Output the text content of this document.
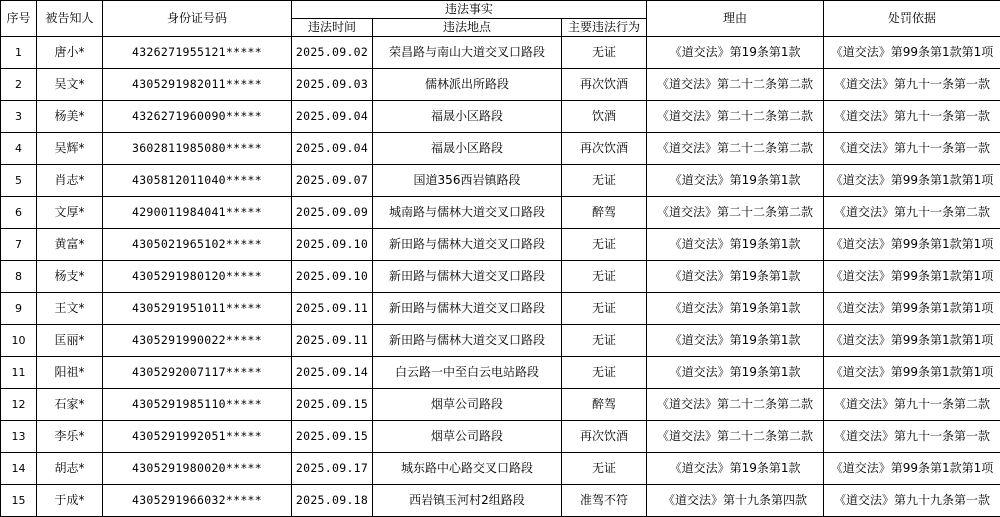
序号	被告知人	身份证号码	违法事实			理由	处罚依据
			违法时间	违法地点	主要违法行为		
1	唐小*	4326271955121*****	2025.09.02	荣昌路与南山大道交叉口路段	无证	《道交法》第19条第1款	《道交法》第99条第1款第1项
2	吴文*	4305291982011*****	2025.09.03	儒林派出所路段	再次饮酒	《道交法》第二十二条第二款	《道交法》第九十一条第一款
3	杨美*	4326271960090*****	2025.09.04	福晟小区路段	饮酒	《道交法》第二十二条第二款	《道交法》第九十一条第一款
4	吴辉*	3602811985080*****	2025.09.04	福晟小区路段	再次饮酒	《道交法》第二十二条第二款	《道交法》第九十一条第一款
5	肖志*	4305812011040*****	2025.09.07	国道356西岩镇路段	无证	《道交法》第19条第1款	《道交法》第99条第1款第1项
6	文厚*	4290011984041*****	2025.09.09	城南路与儒林大道交叉口路段	醉驾	《道交法》第二十二条第二款	《道交法》第九十一条第二款
7	黄富*	4305021965102*****	2025.09.10	新田路与儒林大道交叉口路段	无证	《道交法》第19条第1款	《道交法》第99条第1款第1项
8	杨支*	4305291980120*****	2025.09.10	新田路与儒林大道交叉口路段	无证	《道交法》第19条第1款	《道交法》第99条第1款第1项
9	王文*	4305291951011*****	2025.09.11	新田路与儒林大道交叉口路段	无证	《道交法》第19条第1款	《道交法》第99条第1款第1项
10	匡丽*	4305291990022*****	2025.09.11	新田路与儒林大道交叉口路段	无证	《道交法》第19条第1款	《道交法》第99条第1款第1项
11	阳祖*	4305292007117*****	2025.09.14	白云路一中至白云电站路段	无证	《道交法》第19条第1款	《道交法》第99条第1款第1项
12	石家*	4305291985110*****	2025.09.15	烟草公司路段	醉驾	《道交法》第二十二条第二款	《道交法》第九十一条第二款
13	李乐*	4305291992051*****	2025.09.15	烟草公司路段	再次饮酒	《道交法》第二十二条第二款	《道交法》第九十一条第一款
14	胡志*	4305291980020*****	2025.09.17	城东路中心路交叉口路段	无证	《道交法》第19条第1款	《道交法》第99条第1款第1项
15	于成*	4305291966032*****	2025.09.18	西岩镇玉河村2组路段	准驾不符	《道交法》第十九条第四款	《道交法》第九十九条第一款
